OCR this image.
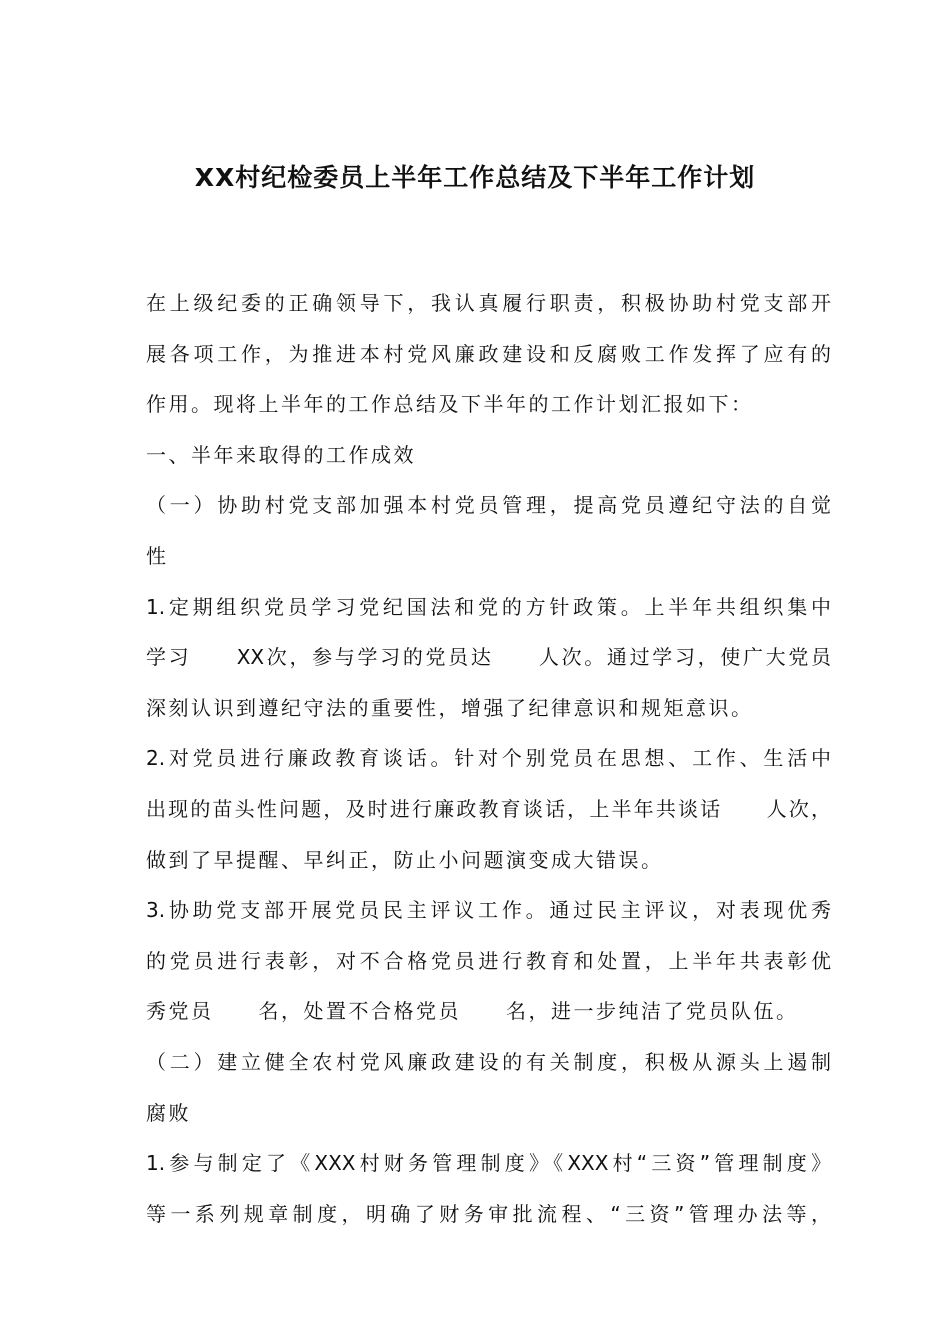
XX村纪检委员上半年工作总结及下半年工作计划
在上级纪委的正确领导下，我认真履行职责，积极协助村党支部开
展各项工作，为推进本村党风廉政建设和反腐败工作发挥了应有的
作用。现将上半年的工作总结及下半年的工作计划汇报如下：
一、半年来取得的工作成效
（一）协助村党支部加强本村党员管理，提高党员遵纪守法的自觉
性
1.定期组织党员学习党纪国法和党的方针政策。上半年共组织集中
学习　　XX次，参与学习的党员达　　人次。通过学习，使广大党员
深刻认识到遵纪守法的重要性，增强了纪律意识和规矩意识。
2.对党员进行廉政教育谈话。针对个别党员在思想、工作、生活中
出现的苗头性问题，及时进行廉政教育谈话，上半年共谈话　　人次，
做到了早提醒、早纠正，防止小问题演变成大错误。
3.协助党支部开展党员民主评议工作。通过民主评议，对表现优秀
的党员进行表彰，对不合格党员进行教育和处置，上半年共表彰优
秀党员　　名，处置不合格党员　　名，进一步纯洁了党员队伍。
（二）建立健全农村党风廉政建设的有关制度，积极从源头上遏制
腐败
1.参与制定了《XXX村财务管理制度》《XXX村“三资”管理制度》
等一系列规章制度，明确了财务审批流程、“三资”管理办法等，
